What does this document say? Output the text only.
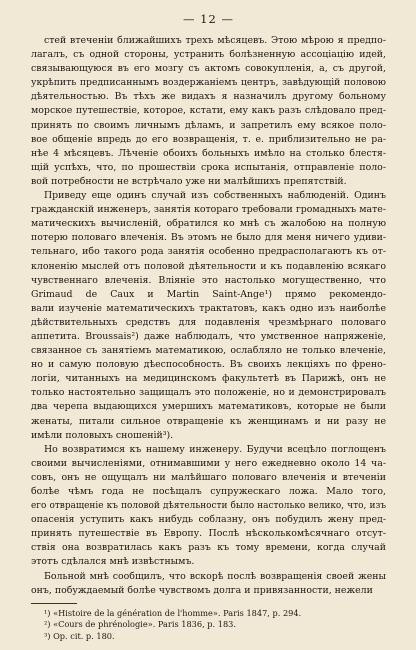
— 12 —
стей втеченіи ближайшихъ трехъ мѣсяцевъ. Этою мѣрою я предпо-
лагалъ, съ одной стороны, устранить болѣзненную ассоціацію идей,
связывающуюся въ его мозгу съ актомъ совокупленія, а, съ другой,
укрѣпить предписаннымъ воздержаніемъ центръ, завѣдующій половою
дѣятельностью. Въ тѣхъ же видахъ я назначилъ другому больному
морское путешествіе, которое, кстати, ему какъ разъ слѣдовало пред-
принять по своимъ личнымъ дѣламъ, и запретилъ ему всякое поло-
вое общеніе впредь до его возвращенія, т. е. приблизительно не ра-
нѣе 4 мѣсяцевъ. Лѣченіе обоихъ больныхъ имѣло на столько блестя-
щій успѣхъ, что, по прошествіи срока испытанія, отправленіе поло-
вой потребности не встрѣчало уже ни малѣйшихъ препятствій.
Приведу еще одинъ случай изъ собственныхъ наблюденій. Одинъ
гражданскій инженеръ, занятія котораго требовали громадныхъ мате-
матическихъ вычисленій, обратился ко мнѣ съ жалобою на полную
потерю половаго влеченія. Въ этомъ не было для меня ничего удиви-
тельнаго, ибо такого рода занятія особенно предрасполагаютъ къ от-
клоненію мыслей отъ половой дѣятельности и къ подавленію всякаго
чувственнаго влеченія. Вліяніе это настолько могущественно, что
Grimaud de Caux и Martin Saint-Ange¹) прямо рекомендо-
вали изученіе математическихъ трактатовъ, какъ одно изъ наиболѣе
дѣйствительныхъ средствъ для подавленія чрезмѣрнаго половаго
аппетита. Broussais²) даже наблюдалъ, что умственное напряженіе,
связанное съ занятіемъ математикою, ослабляло не только влеченіе,
но и самую половую дѣеспособность. Въ своихъ лекціяхъ по френо-
логіи, читанныхъ на медицинскомъ факультетѣ въ Парижѣ, онъ не
только настоятельно защищалъ это положеніе, но и демонстрировалъ
два черепа выдающихся умершихъ математиковъ, которые не были
женаты, питали сильное отвращеніе къ женщинамъ и ни разу не
имѣли половыхъ сношеній³).
Но возвратимся къ нашему инженеру. Будучи всецѣло поглощенъ
своими вычисленіями, отнимавшими у него ежедневно около 14 ча-
совъ, онъ не ощущалъ ни малѣйшаго половаго влеченія и втеченіи
болѣе чѣмъ года не посѣщалъ супружескаго ложа. Мало того,
его отвращеніе къ половой дѣятельности было настолько велико, что, изъ
опасенія уступить какъ нибудь соблазну, онъ побудилъ жену пред-
принять путешествіе въ Европу. Послѣ нѣсколькомѣсячнаго отсут-
ствія она возвратилась какъ разъ къ тому времени, когда случай
этотъ сдѣлался мнѣ извѣстнымъ.
Больной мнѣ сообщилъ, что вскорѣ послѣ возвращенія своей жены
онъ, побуждаемый болѣе чувствомъ долга и привязанности, нежели
¹) «Histoire de la génération de l'homme». Paris 1847, p. 294.
²) «Cours de phrénologie». Paris 1836, p. 183.
³) Op. cit. p. 180.
